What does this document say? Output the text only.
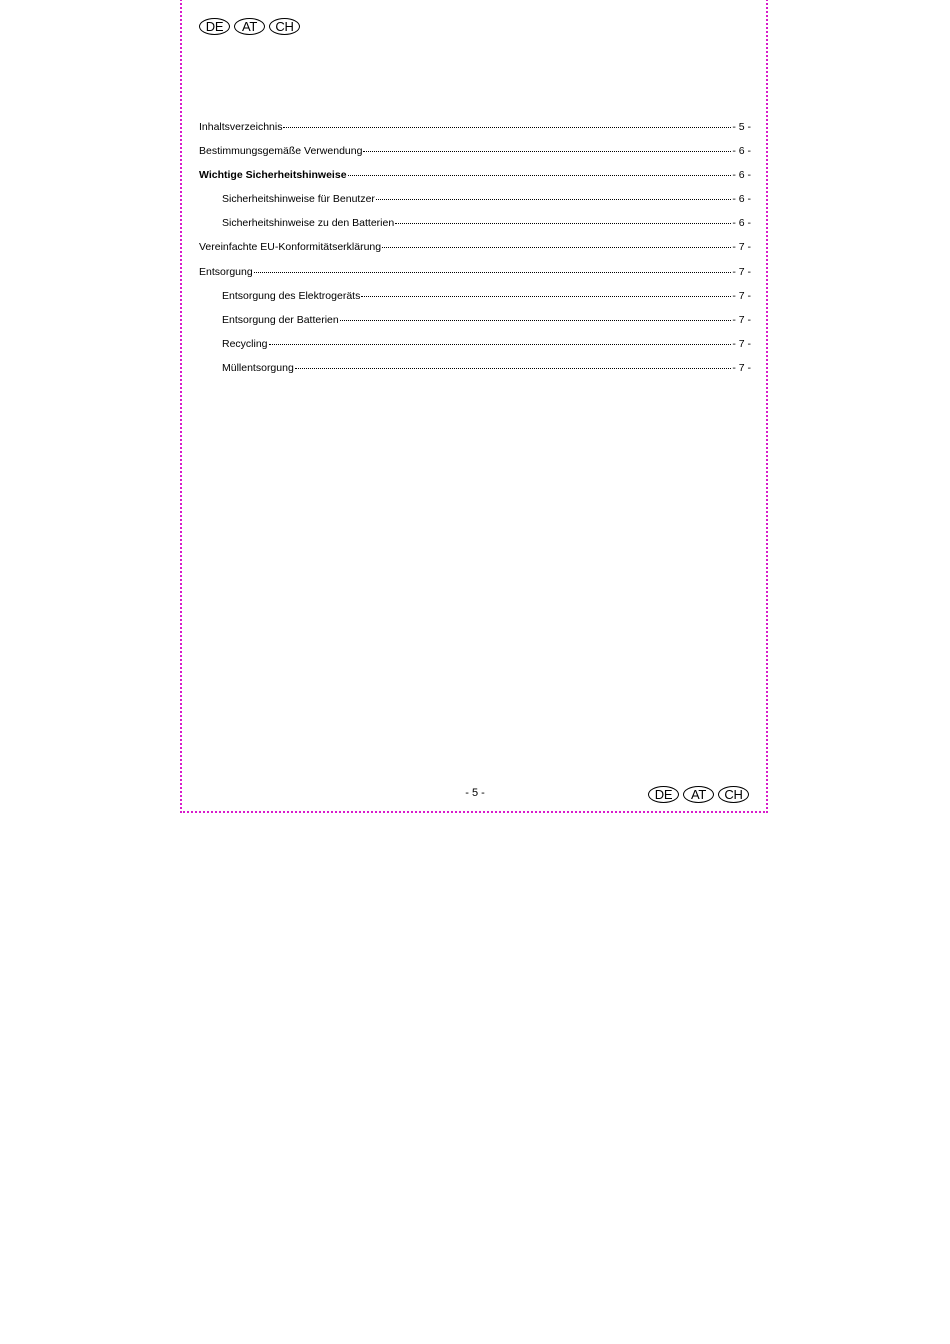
DE	AT	CH
Inhaltsverzeichnis	- 5 -
Bestimmungsgemäße Verwendung	- 6 -
Wichtige Sicherheitshinweise	- 6 -
Sicherheitshinweise für Benutzer	- 6 -
Sicherheitshinweise zu den Batterien	- 6 -
Vereinfachte EU-Konformitätserklärung	- 7 -
Entsorgung	- 7 -
Entsorgung des Elektrogeräts	- 7 -
Entsorgung der Batterien	- 7 -
Recycling	- 7 -
Müllentsorgung	- 7 -
- 5 -	DE	AT	CH
